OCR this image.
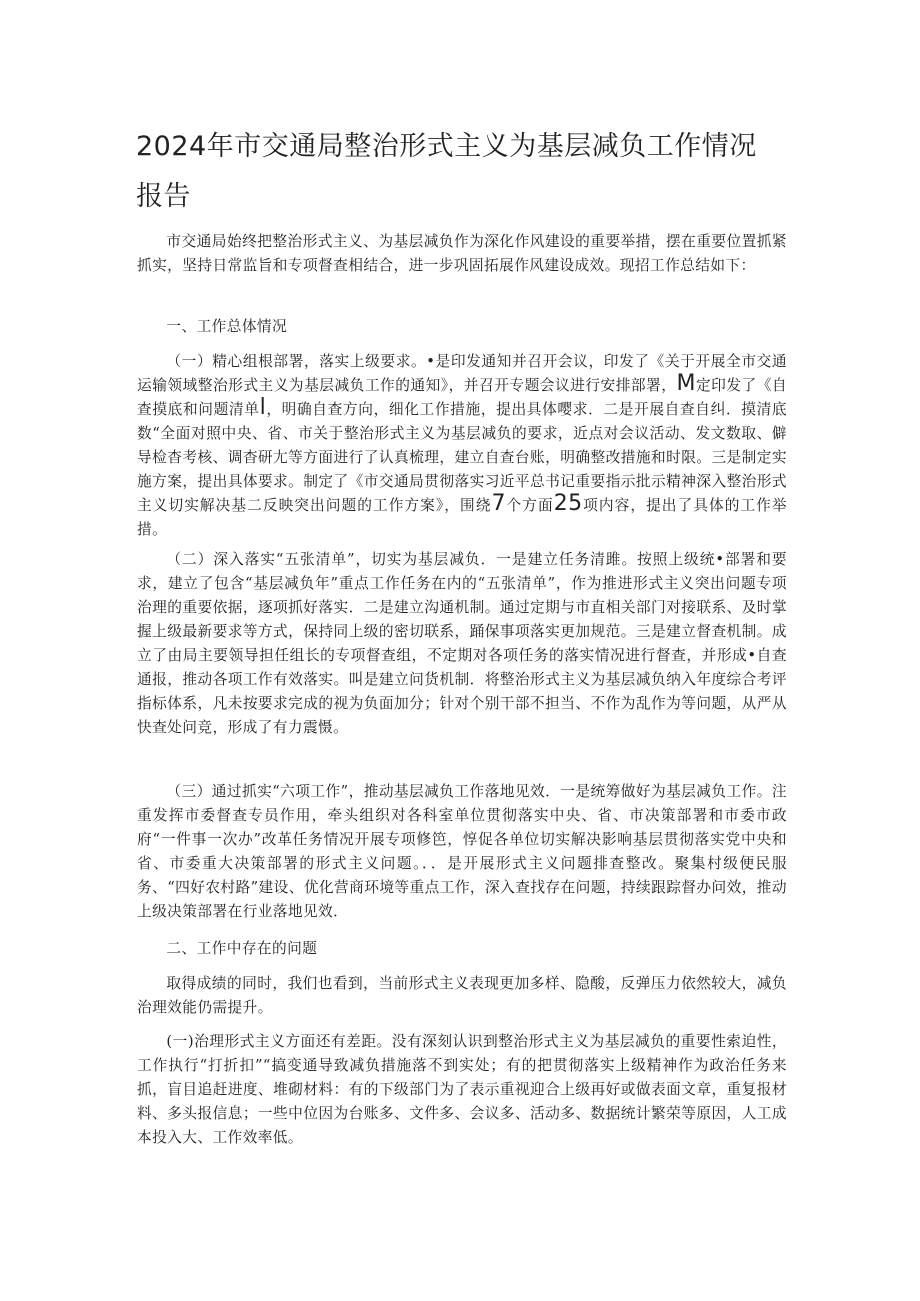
2024年市交通局整治形式主义为基层减负工作情况
报告

市交通局始终把整治形式主义、为基层减负作为深化作风建设的重要举措，摆在重要位置抓紧抓实，坚持日常监旨和专项督查相结合，进一步巩固拓展作风建设成效。现招工作总结如下：

一、工作总体情况

（一）精心组根部署，落实上级要求。•是印发通知并召开会议，印发了《关于开展全市交通运输领域整治形式主义为基层减负工作的通知》，并召开专题会议进行安排部署，M定印发了《自查摸底和问题清单l，明确自查方向，细化工作措施，提出具体嘤求．二是开展自查自纠．摸清底数“全面对照中央、省、市关于整治形式主义为基层减负的要求，近点对会议活动、发文数取、僻导检杳考核、调杳研尢等方面进行了认真梳理，建立自查台账，明确整改措施和时限。三是制定实施方案，提出具体要求。制定了《市交通局贯彻落实习近平总书记重要指示批示精神深入整治形式主义切实解决基二反映突出问题的工作方案》，围绕7个方面25项内容，提出了具体的工作举措。

（二）深入落实“五张清单”，切实为基层减负．一是建立任务清雎。按照上级统•部署和要求，建立了包含“基层减负年”重点工作任务在内的“五张清单”，作为推进形式主义突出问题专项治理的重要依据，逐项抓好落实．二是建立沟通机制。通过定期与市直相关部门对接联系、及时掌握上级最新要求等方式，保持同上级的密切联系，踊保事项落实更加规范。三是建立督查机制。成立了由局主要领导担任组长的专项督查组，不定期对各项任务的落实情况进行督查，并形成•自查通报，推动各项工作有效落实。叫是建立问货机制．将整治形式主义为基层减负纳入年度综合考评指标体系，凡未按要求完成的视为负面加分；针对个别干部不担当、不作为乱作为等问题，从严从快查处问竞，形成了有力震慑。

（三）通过抓实“六项工作”，推动基层减负工作落地见效．一是统筹做好为基层减负工作。注重发挥市委督查专员作用，牵头组织对各科室单位贯彻落实中央、省、市决策部署和市委市政府“一件事一次办”改革任务情况开展专项修笆，惇促各单位切实解决影响基层贯彻落实党中央和省、市委重大决策部署的形式主义问题。．．是开展形式主义问题排查整改。聚集村级便民服务、“四好农村路”建设、优化营商环境等重点工作，深入查找存在问题，持续跟踪督办问效，推动上级决策部署在行业落地见效．

二、工作中存在的问题

取得成绩的同时，我们也看到，当前形式主义表现更加多样、隐酸，反弹压力依然较大，减负治理效能仍需提升。

(一)治理形式主义方面还有差距。没有深刻认识到整治形式主义为基层减负的重要性索迫性，工作执行“打折扣”“搞变通导致减负措施落不到实处；有的把贯彻落实上级精神作为政治任务来抓，盲目追赶进度、堆砌材料：有的下级部门为了表示重视迎合上级再好或做表面文章，重复报材料、多头报信息；一些中位因为台账多、文件多、会议多、活动多、数据统计繁荣等原因，人工成本投入大、工作效率低。
